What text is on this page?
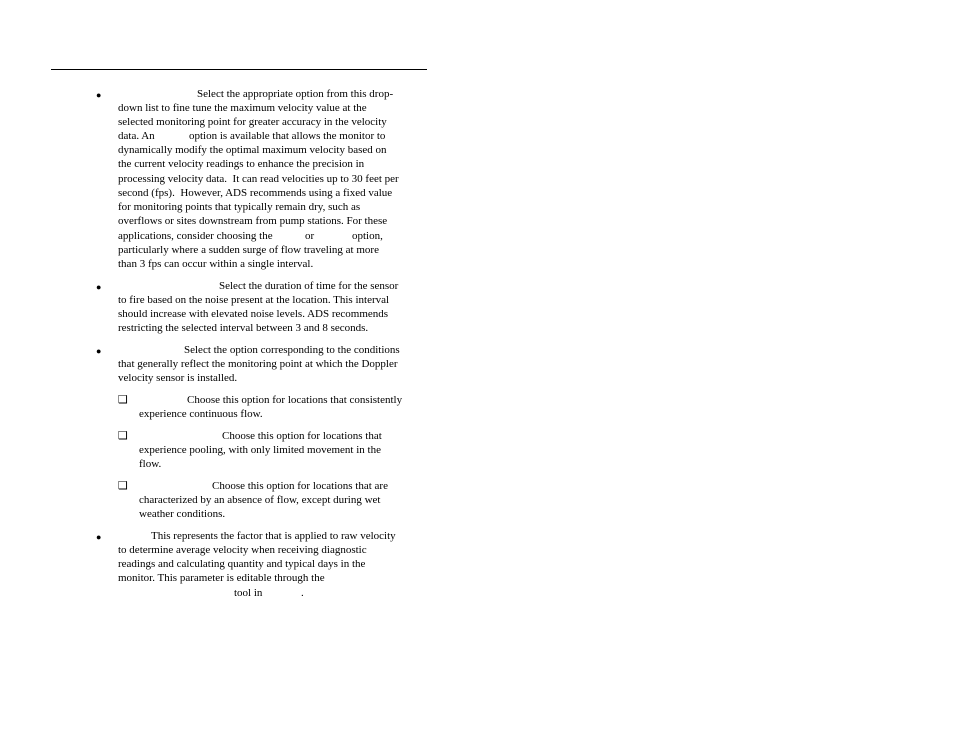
●	Select the appropriate option from this drop-
down list to fine tune the maximum velocity value at the
selected monitoring point for greater accuracy in the velocity
data. An	option is available that allows the monitor to
dynamically modify the optimal maximum velocity based on
the current velocity readings to enhance the precision in
processing velocity data.  It can read velocities up to 30 feet per
second (fps).  However, ADS recommends using a fixed value
for monitoring points that typically remain dry, such as
overflows or sites downstream from pump stations. For these
applications, consider choosing the	or	option,
particularly where a sudden surge of flow traveling at more
than 3 fps can occur within a single interval.
●	Select the duration of time for the sensor
to fire based on the noise present at the location. This interval
should increase with elevated noise levels. ADS recommends
restricting the selected interval between 3 and 8 seconds.
●	Select the option corresponding to the conditions
that generally reflect the monitoring point at which the Doppler
velocity sensor is installed.
❑	Choose this option for locations that consistently
experience continuous flow.
❑	Choose this option for locations that
experience pooling, with only limited movement in the
flow.
❑	Choose this option for locations that are
characterized by an absence of flow, except during wet
weather conditions.
●	This represents the factor that is applied to raw velocity
to determine average velocity when receiving diagnostic
readings and calculating quantity and typical days in the
monitor. This parameter is editable through the
tool in	.
